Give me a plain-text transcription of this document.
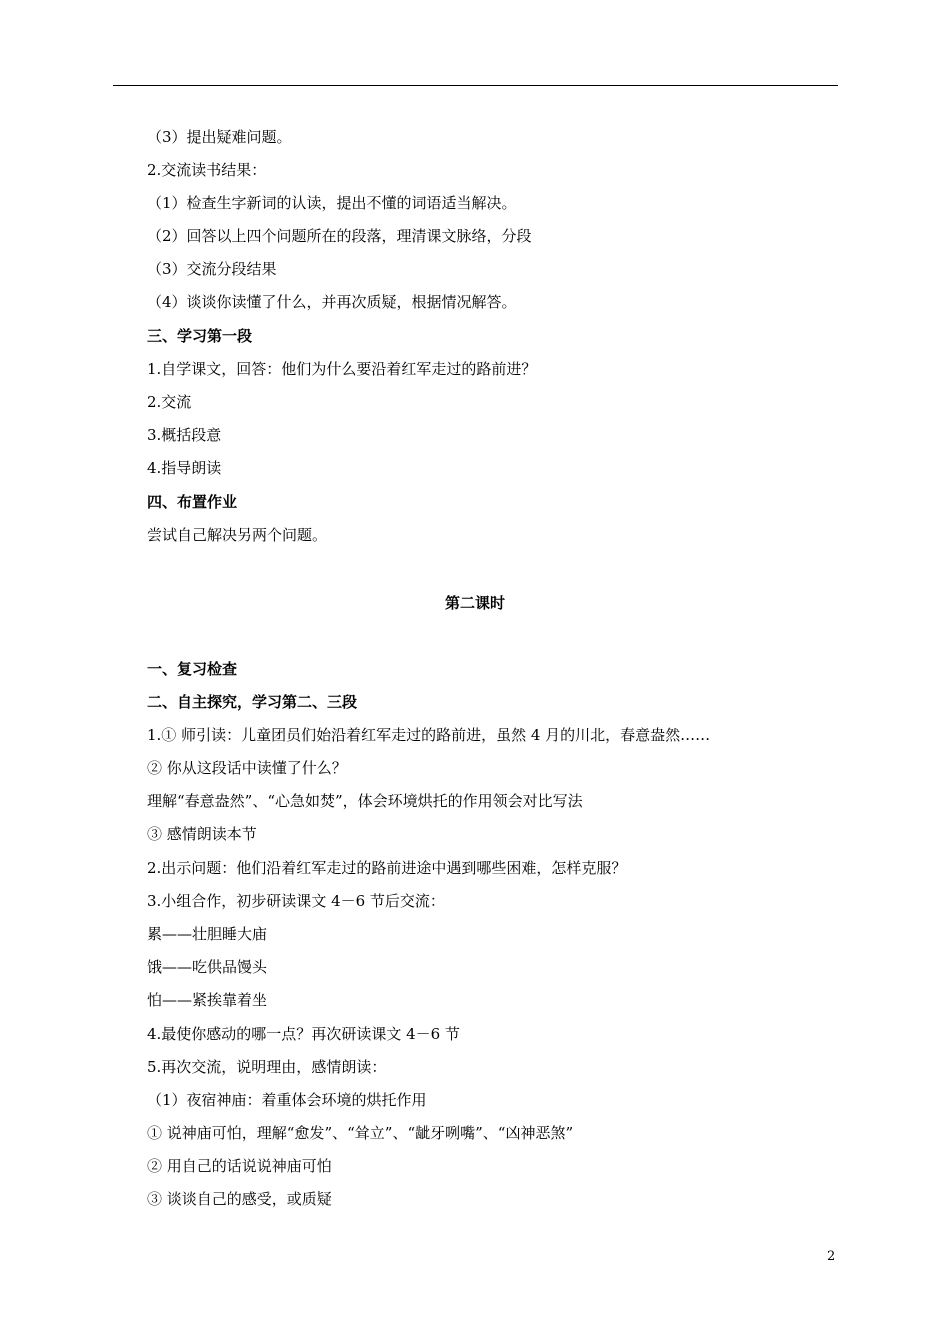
（3）提出疑难问题。
2.交流读书结果：
（1）检查生字新词的认读，提出不懂的词语适当解决。
（2）回答以上四个问题所在的段落，理清课文脉络，分段
（3）交流分段结果
（4）谈谈你读懂了什么，并再次质疑，根据情况解答。
三、学习第一段
1.自学课文，回答：他们为什么要沿着红军走过的路前进？
2.交流
3.概括段意
4.指导朗读
四、布置作业
尝试自己解决另两个问题。
第二课时
一、复习检查
二、自主探究，学习第二、三段
1.① 师引读：儿童团员们始沿着红军走过的路前进，虽然 4 月的川北，春意盎然……
② 你从这段话中读懂了什么？
理解“春意盎然”、“心急如焚”，体会环境烘托的作用领会对比写法
③ 感情朗读本节
2.出示问题：他们沿着红军走过的路前进途中遇到哪些困难，怎样克服？
3.小组合作，初步研读课文 4－6 节后交流：
累——壮胆睡大庙
饿——吃供品馒头
怕——紧挨靠着坐
4.最使你感动的哪一点？再次研读课文 4－6 节
5.再次交流，说明理由，感情朗读：
（1）夜宿神庙：着重体会环境的烘托作用
① 说神庙可怕，理解“愈发”、“耸立”、“龇牙咧嘴”、“凶神恶煞”
② 用自己的话说说神庙可怕
③ 谈谈自己的感受，或质疑
2
